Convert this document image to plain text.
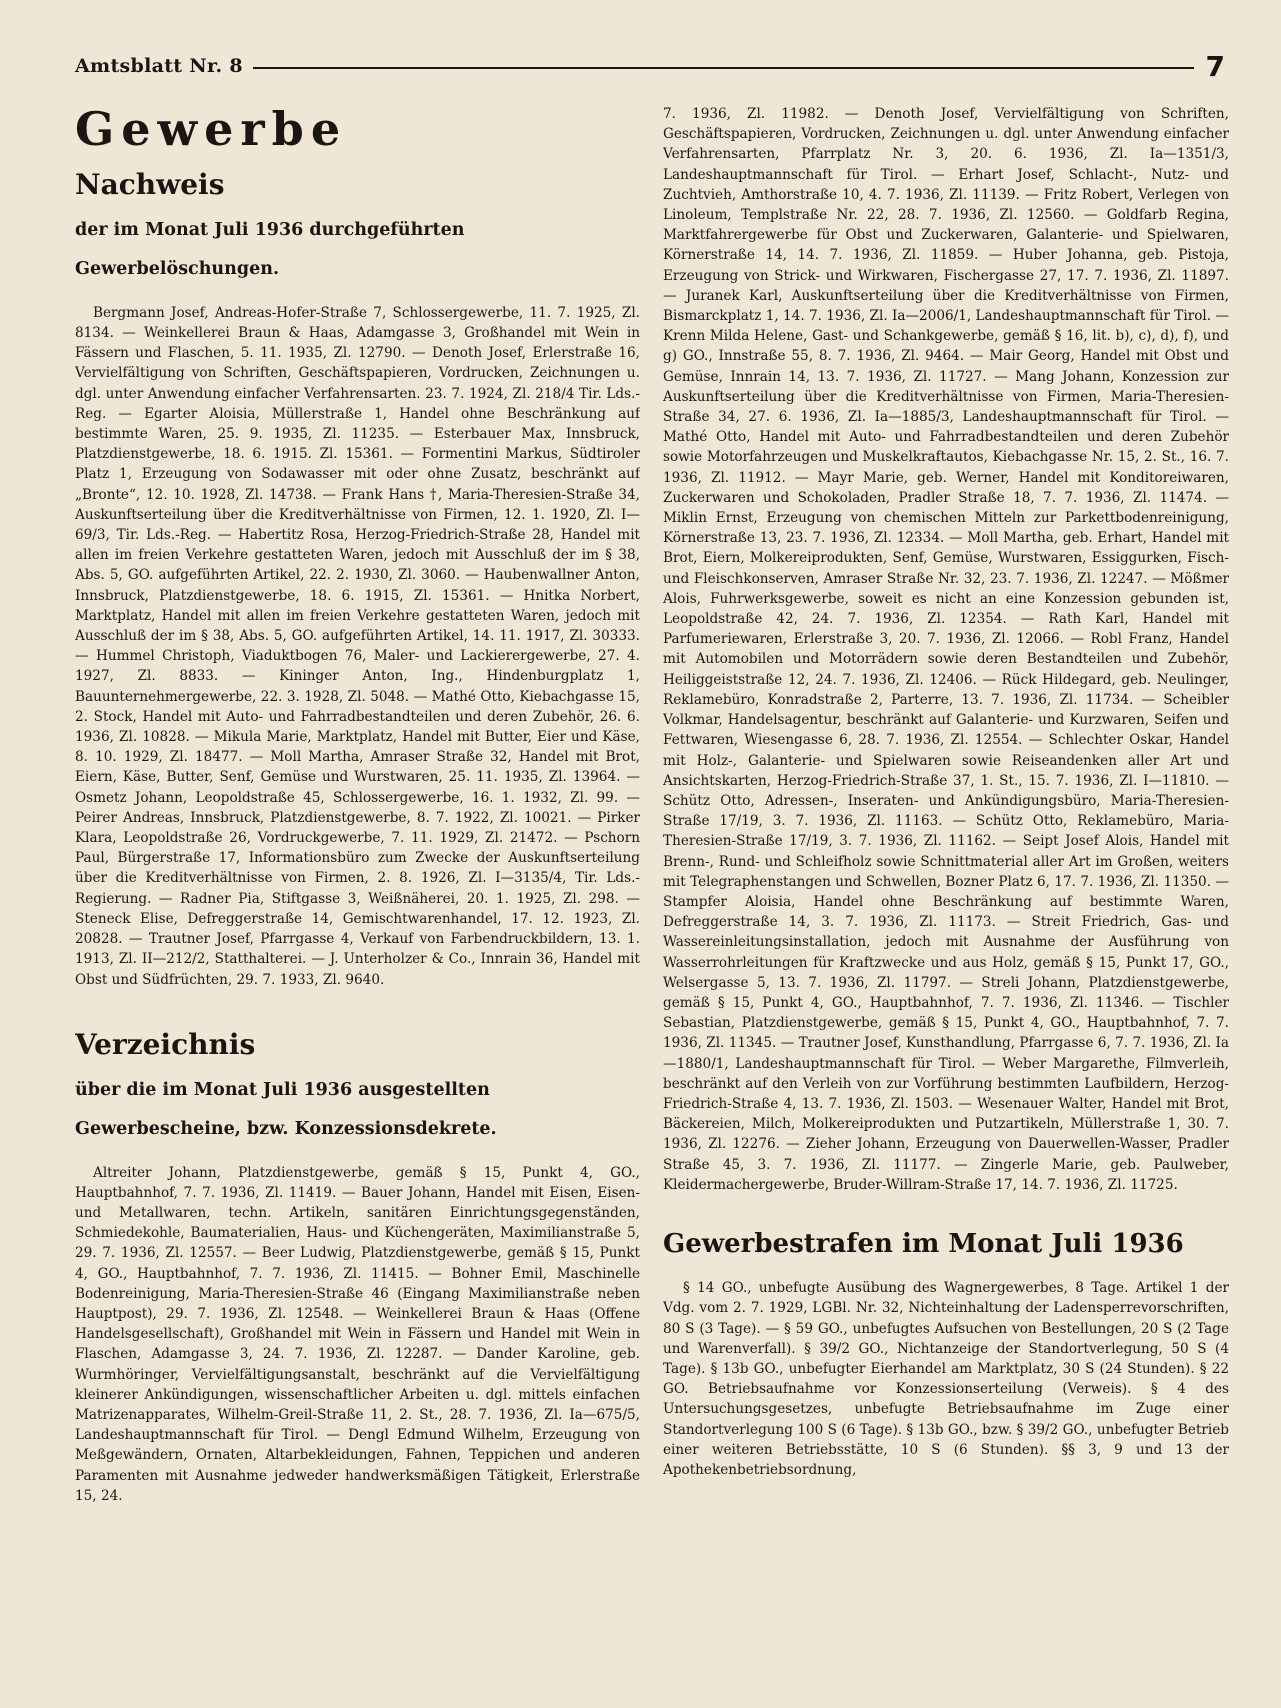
Amtsblatt Nr. 8	7
Gewerbe
Nachweis
der im Monat Juli 1936 durchgeführten Gewerbelöschungen.

Bergmann Josef, Andreas-Hofer-Straße 7, Schlossergewerbe, 11. 7. 1925, Zl. 8134. — Weinkellerei Braun & Haas, Adamgasse 3, Großhandel mit Wein in Fässern und Flaschen, 5. 11. 1935, Zl. 12790. — Denoth Josef, Erlerstraße 16, Vervielfältigung von Schriften, Geschäftspapieren, Vordrucken, Zeichnungen u. dgl. unter Anwendung einfacher Verfahrensarten. 23. 7. 1924, Zl. 218/4 Tir. Lds.-Reg. — Egarter Aloisia, Müllerstraße 1, Handel ohne Beschränkung auf bestimmte Waren, 25. 9. 1935, Zl. 11235. — Esterbauer Max, Innsbruck, Platzdienstgewerbe, 18. 6. 1915. Zl. 15361. — Formentini Markus, Südtiroler Platz 1, Erzeugung von Sodawasser mit oder ohne Zusatz, beschränkt auf „Bronte“, 12. 10. 1928, Zl. 14738. — Frank Hans †, Maria-Theresien-Straße 34, Auskunftserteilung über die Kreditverhältnisse von Firmen, 12. 1. 1920, Zl. I—69/3, Tir. Lds.-Reg. — Habertitz Rosa, Herzog-Friedrich-Straße 28, Handel mit allen im freien Verkehre gestatteten Waren, jedoch mit Ausschluß der im § 38, Abs. 5, GO. aufgeführten Artikel, 22. 2. 1930, Zl. 3060. — Haubenwallner Anton, Innsbruck, Platzdienstgewerbe, 18. 6. 1915, Zl. 15361. — Hnitka Norbert, Marktplatz, Handel mit allen im freien Verkehre gestatteten Waren, jedoch mit Ausschluß der im § 38, Abs. 5, GO. aufgeführten Artikel, 14. 11. 1917, Zl. 30333. — Hummel Christoph, Viaduktbogen 76, Maler- und Lackierergewerbe, 27. 4. 1927, Zl. 8833. — Kininger Anton, Ing., Hindenburgplatz 1, Bauunternehmergewerbe, 22. 3. 1928, Zl. 5048. — Mathé Otto, Kiebachgasse 15, 2. Stock, Handel mit Auto- und Fahrradbestandteilen und deren Zubehör, 26. 6. 1936, Zl. 10828. — Mikula Marie, Marktplatz, Handel mit Butter, Eier und Käse, 8. 10. 1929, Zl. 18477. — Moll Martha, Amraser Straße 32, Handel mit Brot, Eiern, Käse, Butter, Senf, Gemüse und Wurstwaren, 25. 11. 1935, Zl. 13964. — Osmetz Johann, Leopoldstraße 45, Schlossergewerbe, 16. 1. 1932, Zl. 99. — Peirer Andreas, Innsbruck, Platzdienstgewerbe, 8. 7. 1922, Zl. 10021. — Pirker Klara, Leopoldstraße 26, Vordruckgewerbe, 7. 11. 1929, Zl. 21472. — Pschorn Paul, Bürgerstraße 17, Informationsbüro zum Zwecke der Auskunftserteilung über die Kreditverhältnisse von Firmen, 2. 8. 1926, Zl. I—3135/4, Tir. Lds.-Regierung. — Radner Pia, Stiftgasse 3, Weißnäherei, 20. 1. 1925, Zl. 298. — Steneck Elise, Defreggerstraße 14, Gemischtwarenhandel, 17. 12. 1923, Zl. 20828. — Trautner Josef, Pfarrgasse 4, Verkauf von Farbendruckbildern, 13. 1. 1913, Zl. II—212/2, Statthalterei. — J. Unterholzer & Co., Innrain 36, Handel mit Obst und Südfrüchten, 29. 7. 1933, Zl. 9640.

Verzeichnis
über die im Monat Juli 1936 ausgestellten Gewerbescheine, bzw. Konzessionsdekrete.

Altreiter Johann, Platzdienstgewerbe, gemäß § 15, Punkt 4, GO., Hauptbahnhof, 7. 7. 1936, Zl. 11419. — Bauer Johann, Handel mit Eisen, Eisen- und Metallwaren, techn. Artikeln, sanitären Einrichtungsgegenständen, Schmiedekohle, Baumaterialien, Haus- und Küchengeräten, Maximilianstraße 5, 29. 7. 1936, Zl. 12557. — Beer Ludwig, Platzdienstgewerbe, gemäß § 15, Punkt 4, GO., Hauptbahnhof, 7. 7. 1936, Zl. 11415. — Bohner Emil, Maschinelle Bodenreinigung, Maria-Theresien-Straße 46 (Eingang Maximilianstraße neben Hauptpost), 29. 7. 1936, Zl. 12548. — Weinkellerei Braun & Haas (Offene Handelsgesellschaft), Großhandel mit Wein in Fässern und Handel mit Wein in Flaschen, Adamgasse 3, 24. 7. 1936, Zl. 12287. — Dander Karoline, geb. Wurmhöringer, Vervielfältigungsanstalt, beschränkt auf die Vervielfältigung kleinerer Ankündigungen, wissenschaftlicher Arbeiten u. dgl. mittels einfachen Matrizenapparates, Wilhelm-Greil-Straße 11, 2. St., 28. 7. 1936, Zl. Ia—675/5, Landeshauptmannschaft für Tirol. — Dengl Edmund Wilhelm, Erzeugung von Meßgewändern, Ornaten, Altarbekleidungen, Fahnen, Teppichen und anderen Paramenten mit Ausnahme jedweder handwerksmäßigen Tätigkeit, Erlerstraße 15, 24.

7. 1936, Zl. 11982. — Denoth Josef, Vervielfältigung von Schriften, Geschäftspapieren, Vordrucken, Zeichnungen u. dgl. unter Anwendung einfacher Verfahrensarten, Pfarrplatz Nr. 3, 20. 6. 1936, Zl. Ia—1351/3, Landeshauptmannschaft für Tirol. — Erhart Josef, Schlacht-, Nutz- und Zuchtvieh, Amthorstraße 10, 4. 7. 1936, Zl. 11139. — Fritz Robert, Verlegen von Linoleum, Templstraße Nr. 22, 28. 7. 1936, Zl. 12560. — Goldfarb Regina, Marktfahrergewerbe für Obst und Zuckerwaren, Galanterie- und Spielwaren, Körnerstraße 14, 14. 7. 1936, Zl. 11859. — Huber Johanna, geb. Pistoja, Erzeugung von Strick- und Wirkwaren, Fischergasse 27, 17. 7. 1936, Zl. 11897. — Juranek Karl, Auskunftserteilung über die Kreditverhältnisse von Firmen, Bismarckplatz 1, 14. 7. 1936, Zl. Ia—2006/1, Landeshauptmannschaft für Tirol. — Krenn Milda Helene, Gast- und Schankgewerbe, gemäß § 16, lit. b), c), d), f), und g) GO., Innstraße 55, 8. 7. 1936, Zl. 9464. — Mair Georg, Handel mit Obst und Gemüse, Innrain 14, 13. 7. 1936, Zl. 11727. — Mang Johann, Konzession zur Auskunftserteilung über die Kreditverhältnisse von Firmen, Maria-Theresien-Straße 34, 27. 6. 1936, Zl. Ia—1885/3, Landeshauptmannschaft für Tirol. — Mathé Otto, Handel mit Auto- und Fahrradbestandteilen und deren Zubehör sowie Motorfahrzeugen und Muskelkraftautos, Kiebachgasse Nr. 15, 2. St., 16. 7. 1936, Zl. 11912. — Mayr Marie, geb. Werner, Handel mit Konditoreiwaren, Zuckerwaren und Schokoladen, Pradler Straße 18, 7. 7. 1936, Zl. 11474. — Miklin Ernst, Erzeugung von chemischen Mitteln zur Parkettbodenreinigung, Körnerstraße 13, 23. 7. 1936, Zl. 12334. — Moll Martha, geb. Erhart, Handel mit Brot, Eiern, Molkereiprodukten, Senf, Gemüse, Wurstwaren, Essiggurken, Fisch- und Fleischkonserven, Amraser Straße Nr. 32, 23. 7. 1936, Zl. 12247. — Mößmer Alois, Fuhrwerksgewerbe, soweit es nicht an eine Konzession gebunden ist, Leopoldstraße 42, 24. 7. 1936, Zl. 12354. — Rath Karl, Handel mit Parfumeriewaren, Erlerstraße 3, 20. 7. 1936, Zl. 12066. — Robl Franz, Handel mit Automobilen und Motorrädern sowie deren Bestandteilen und Zubehör, Heiliggeiststraße 12, 24. 7. 1936, Zl. 12406. — Rück Hildegard, geb. Neulinger, Reklamebüro, Konradstraße 2, Parterre, 13. 7. 1936, Zl. 11734. — Scheibler Volkmar, Handelsagentur, beschränkt auf Galanterie- und Kurzwaren, Seifen und Fettwaren, Wiesengasse 6, 28. 7. 1936, Zl. 12554. — Schlechter Oskar, Handel mit Holz-, Galanterie- und Spielwaren sowie Reiseandenken aller Art und Ansichtskarten, Herzog-Friedrich-Straße 37, 1. St., 15. 7. 1936, Zl. I—11810. — Schütz Otto, Adressen-, Inseraten- und Ankündigungsbüro, Maria-Theresien-Straße 17/19, 3. 7. 1936, Zl. 11163. — Schütz Otto, Reklamebüro, Maria-Theresien-Straße 17/19, 3. 7. 1936, Zl. 11162. — Seipt Josef Alois, Handel mit Brenn-, Rund- und Schleifholz sowie Schnittmaterial aller Art im Großen, weiters mit Telegraphenstangen und Schwellen, Bozner Platz 6, 17. 7. 1936, Zl. 11350. — Stampfer Aloisia, Handel ohne Beschränkung auf bestimmte Waren, Defreggerstraße 14, 3. 7. 1936, Zl. 11173. — Streit Friedrich, Gas- und Wassereinleitungsinstallation, jedoch mit Ausnahme der Ausführung von Wasserrohrleitungen für Kraftzwecke und aus Holz, gemäß § 15, Punkt 17, GO., Welsergasse 5, 13. 7. 1936, Zl. 11797. — Streli Johann, Platzdienstgewerbe, gemäß § 15, Punkt 4, GO., Hauptbahnhof, 7. 7. 1936, Zl. 11346. — Tischler Sebastian, Platzdienstgewerbe, gemäß § 15, Punkt 4, GO., Hauptbahnhof, 7. 7. 1936, Zl. 11345. — Trautner Josef, Kunsthandlung, Pfarrgasse 6, 7. 7. 1936, Zl. Ia—1880/1, Landeshauptmannschaft für Tirol. — Weber Margarethe, Filmverleih, beschränkt auf den Verleih von zur Vorführung bestimmten Laufbildern, Herzog-Friedrich-Straße 4, 13. 7. 1936, Zl. 1503. — Wesenauer Walter, Handel mit Brot, Bäckereien, Milch, Molkereiprodukten und Putzartikeln, Müllerstraße 1, 30. 7. 1936, Zl. 12276. — Zieher Johann, Erzeugung von Dauerwellen-Wasser, Pradler Straße 45, 3. 7. 1936, Zl. 11177. — Zingerle Marie, geb. Paulweber, Kleidermachergewerbe, Bruder-Willram-Straße 17, 14. 7. 1936, Zl. 11725.

Gewerbestrafen im Monat Juli 1936

§ 14 GO., unbefugte Ausübung des Wagnergewerbes, 8 Tage. Artikel 1 der Vdg. vom 2. 7. 1929, LGBl. Nr. 32, Nichteinhaltung der Ladensperrevorschriften, 80 S (3 Tage). — § 59 GO., unbefugtes Aufsuchen von Bestellungen, 20 S (2 Tage und Warenverfall). § 39/2 GO., Nichtanzeige der Standortverlegung, 50 S (4 Tage). § 13b GO., unbefugter Eierhandel am Marktplatz, 30 S (24 Stunden). § 22 GO. Betriebsaufnahme vor Konzessionserteilung (Verweis). § 4 des Untersuchungsgesetzes, unbefugte Betriebsaufnahme im Zuge einer Standortverlegung 100 S (6 Tage). § 13b GO., bzw. § 39/2 GO., unbefugter Betrieb einer weiteren Betriebsstätte, 10 S (6 Stunden). §§ 3, 9 und 13 der Apothekenbetriebsordnung,
